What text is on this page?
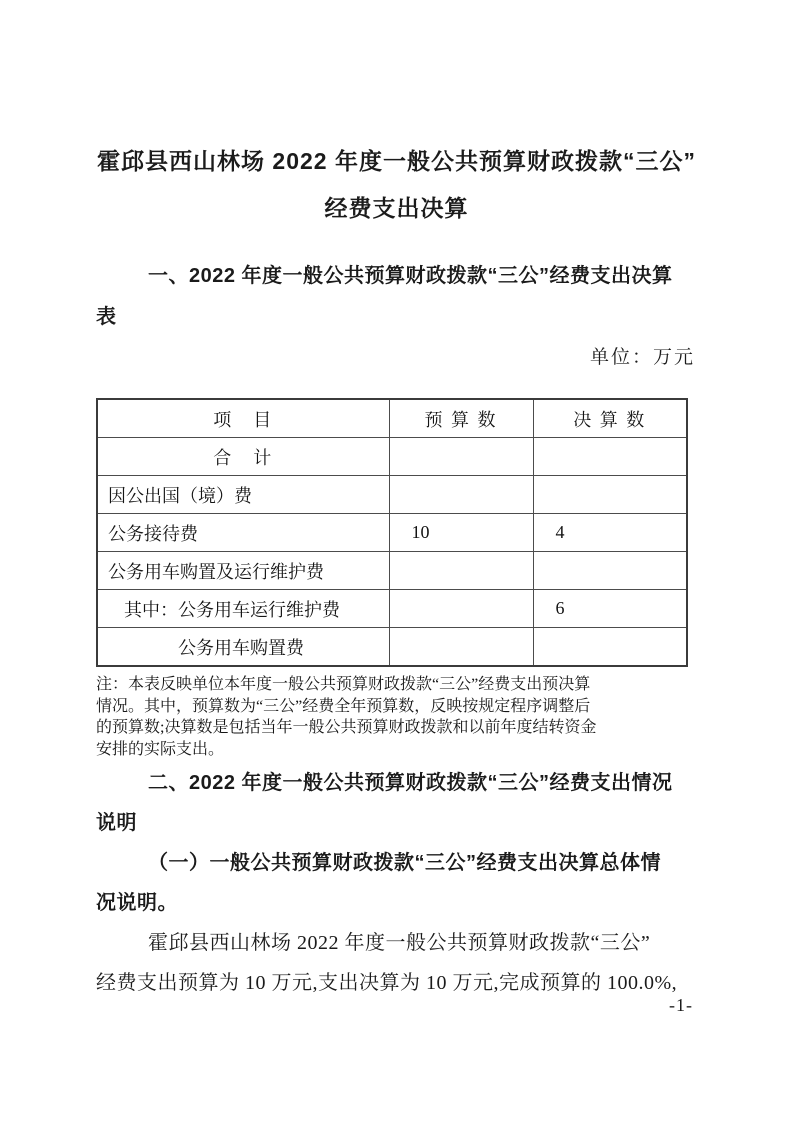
霍邱县西山林场 2022 年度一般公共预算财政拨款“三公”
经费支出决算
一、2022 年度一般公共预算财政拨款“三公”经费支出决算
表
单位：万元
项　目	预 算 数	决 算 数
合　计		
因公出国（境）费		
公务接待费	10	4
公务用车购置及运行维护费		
其中：公务用车运行维护费		6
公务用车购置费		
注：本表反映单位本年度一般公共预算财政拨款“三公”经费支出预决算
情况。其中，预算数为“三公”经费全年预算数，反映按规定程序调整后
的预算数;决算数是包括当年一般公共预算财政拨款和以前年度结转资金
安排的实际支出。
二、2022 年度一般公共预算财政拨款“三公”经费支出情况
说明
（一）一般公共预算财政拨款“三公”经费支出决算总体情
况说明。
霍邱县西山林场 2022 年度一般公共预算财政拨款“三公”
经费支出预算为 10 万元,支出决算为 10 万元,完成预算的 100.0%,
-1-
